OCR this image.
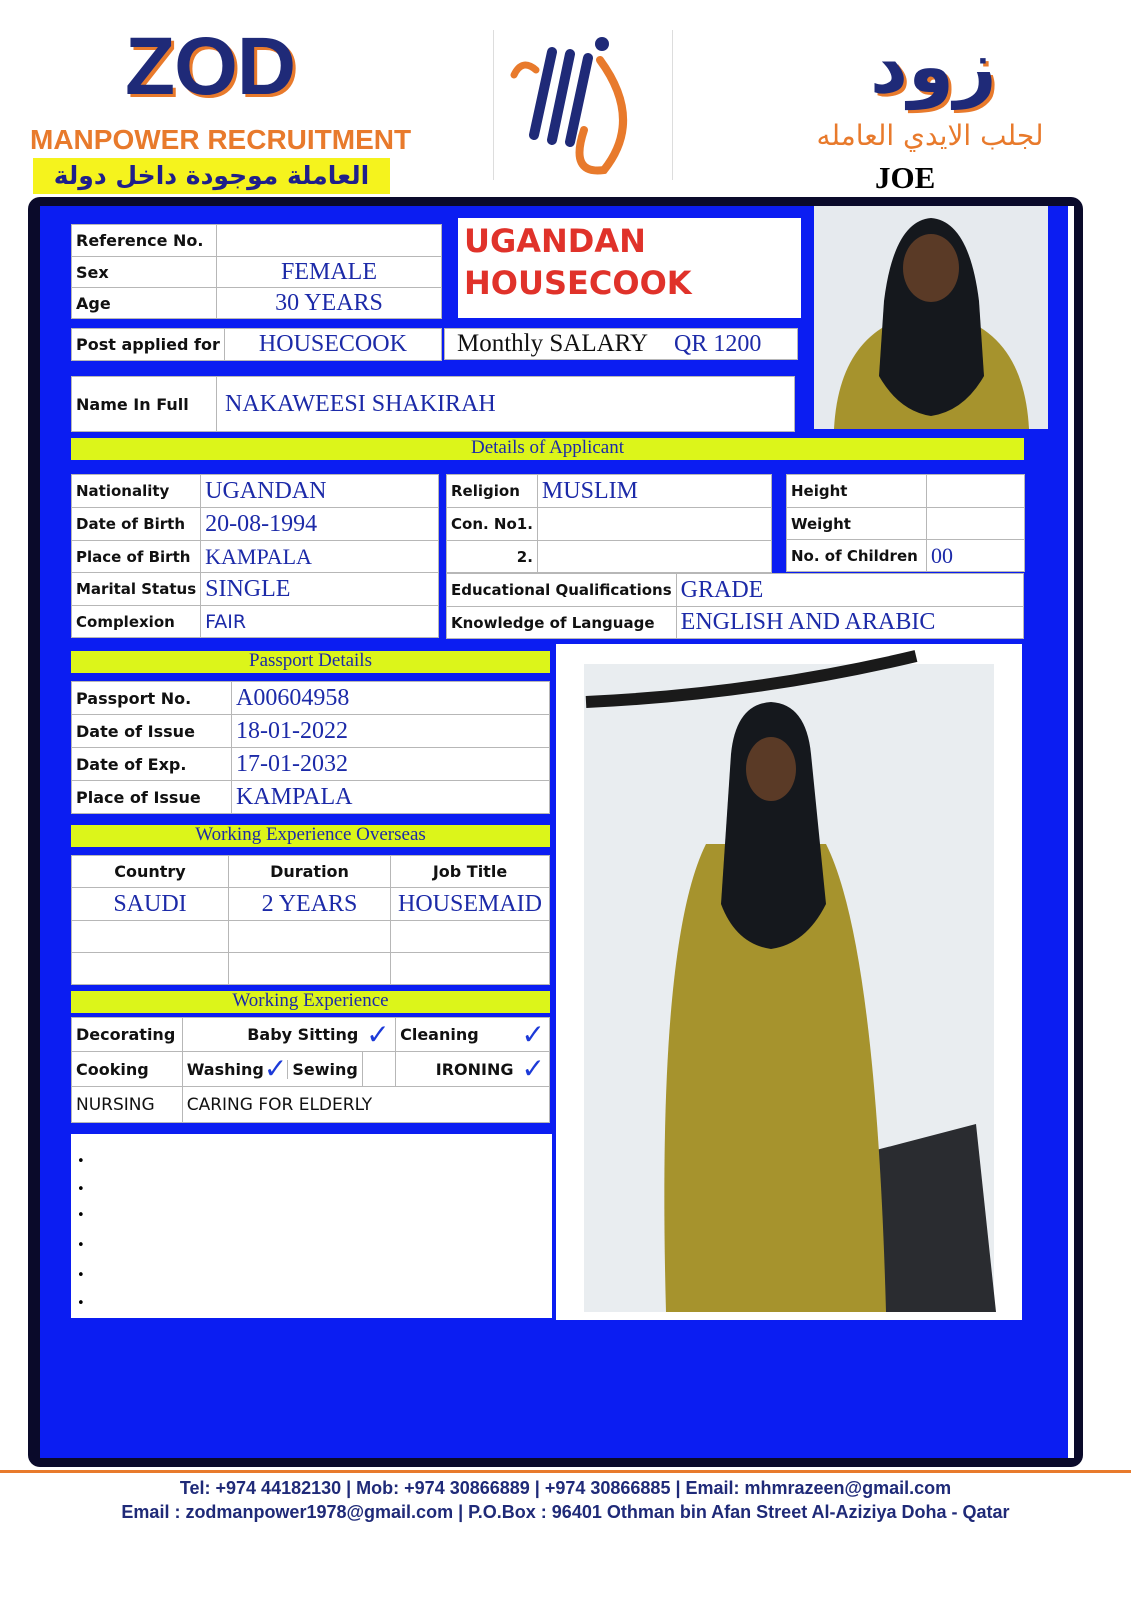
ZOD
MANPOWER RECRUITMENT
العاملة موجودة داخل دولة
زود
لجلب الايدي العامله
JOE
Reference No.	
Sex	FEMALE
Age	30 YEARS
UGANDAN
HOUSECOOK
Post applied for	HOUSECOOK Monthly SALARY QR 1200
Name In Full	NAKAWEESI SHAKIRAH
Details of Applicant
Nationality	UGANDAN
Date of Birth	20-08-1994
Place of Birth	KAMPALA
Marital Status	SINGLE
Complexion	FAIR
Religion	MUSLIM
Con. No1.	
2.	
Height	
Weight	
No. of Children	00
Educational Qualifications	GRADE
Knowledge of Language	ENGLISH AND ARABIC
Passport Details
Passport No.	A00604958
Date of Issue	18-01-2022
Date of Exp.	17-01-2032
Place of Issue	KAMPALA
Working Experience Overseas
Country	Duration	Job Title
SAUDI	2 YEARS	HOUSEMAID

Working Experience
Decorating	Baby Sitting	✓	Cleaning	✓
Cooking	Washing ✓ Sewing		IRONING	✓
NURSING	CARING FOR ELDERLY			
•
•
•
•
•
•
Tel: +974 44182130 | Mob: +974 30866889 | +974 30866885 | Email: mhmrazeen@gmail.com
Email : zodmanpower1978@gmail.com | P.O.Box : 96401 Othman bin Afan Street Al-Aziziya Doha - Qatar
